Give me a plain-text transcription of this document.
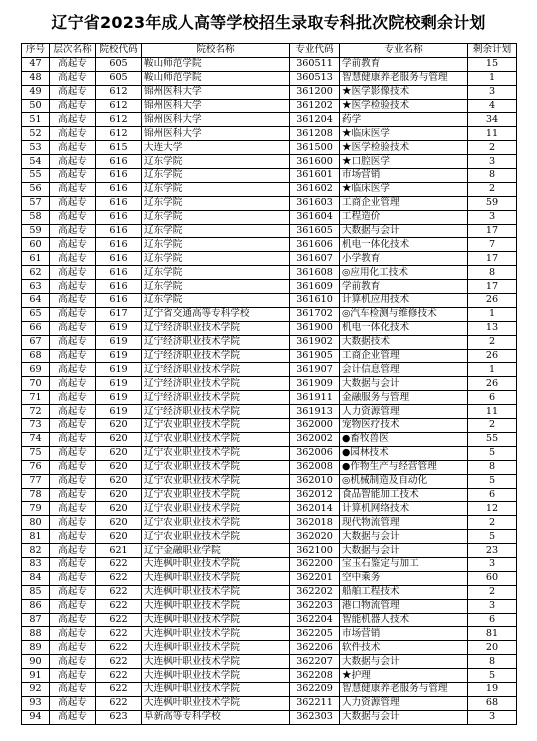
辽宁省2023年成人高等学校招生录取专科批次院校剩余计划
序号	层次名称	院校代码	院校名称	专业代码	专业名称	剩余计划
47	高起专	605	鞍山师范学院	360511	学前教育	15
48	高起专	605	鞍山师范学院	360513	智慧健康养老服务与管理	1
49	高起专	612	锦州医科大学	361200	★医学影像技术	3
50	高起专	612	锦州医科大学	361202	★医学检验技术	4
51	高起专	612	锦州医科大学	361204	药学	34
52	高起专	612	锦州医科大学	361208	★临床医学	11
53	高起专	615	大连大学	361500	★医学检验技术	2
54	高起专	616	辽东学院	361600	★口腔医学	3
55	高起专	616	辽东学院	361601	市场营销	8
56	高起专	616	辽东学院	361602	★临床医学	2
57	高起专	616	辽东学院	361603	工商企业管理	59
58	高起专	616	辽东学院	361604	工程造价	3
59	高起专	616	辽东学院	361605	大数据与会计	17
60	高起专	616	辽东学院	361606	机电一体化技术	7
61	高起专	616	辽东学院	361607	小学教育	17
62	高起专	616	辽东学院	361608	◎应用化工技术	8
63	高起专	616	辽东学院	361609	学前教育	17
64	高起专	616	辽东学院	361610	计算机应用技术	26
65	高起专	617	辽宁省交通高等专科学校	361702	◎汽车检测与维修技术	1
66	高起专	619	辽宁经济职业技术学院	361900	机电一体化技术	13
67	高起专	619	辽宁经济职业技术学院	361902	大数据技术	2
68	高起专	619	辽宁经济职业技术学院	361905	工商企业管理	26
69	高起专	619	辽宁经济职业技术学院	361907	会计信息管理	1
70	高起专	619	辽宁经济职业技术学院	361909	大数据与会计	26
71	高起专	619	辽宁经济职业技术学院	361911	金融服务与管理	6
72	高起专	619	辽宁经济职业技术学院	361913	人力资源管理	11
73	高起专	620	辽宁农业职业技术学院	362000	宠物医疗技术	2
74	高起专	620	辽宁农业职业技术学院	362002	●畜牧兽医	55
75	高起专	620	辽宁农业职业技术学院	362006	●园林技术	5
76	高起专	620	辽宁农业职业技术学院	362008	●作物生产与经营管理	8
77	高起专	620	辽宁农业职业技术学院	362010	◎机械制造及自动化	5
78	高起专	620	辽宁农业职业技术学院	362012	食品智能加工技术	6
79	高起专	620	辽宁农业职业技术学院	362014	计算机网络技术	12
80	高起专	620	辽宁农业职业技术学院	362018	现代物流管理	2
81	高起专	620	辽宁农业职业技术学院	362020	大数据与会计	5
82	高起专	621	辽宁金融职业学院	362100	大数据与会计	23
83	高起专	622	大连枫叶职业技术学院	362200	宝玉石鉴定与加工	3
84	高起专	622	大连枫叶职业技术学院	362201	空中乘务	60
85	高起专	622	大连枫叶职业技术学院	362202	船舶工程技术	2
86	高起专	622	大连枫叶职业技术学院	362203	港口物流管理	3
87	高起专	622	大连枫叶职业技术学院	362204	智能机器人技术	6
88	高起专	622	大连枫叶职业技术学院	362205	市场营销	81
89	高起专	622	大连枫叶职业技术学院	362206	软件技术	20
90	高起专	622	大连枫叶职业技术学院	362207	大数据与会计	8
91	高起专	622	大连枫叶职业技术学院	362208	★护理	5
92	高起专	622	大连枫叶职业技术学院	362209	智慧健康养老服务与管理	19
93	高起专	622	大连枫叶职业技术学院	362211	人力资源管理	68
94	高起专	623	阜新高等专科学校	362303	大数据与会计	3
